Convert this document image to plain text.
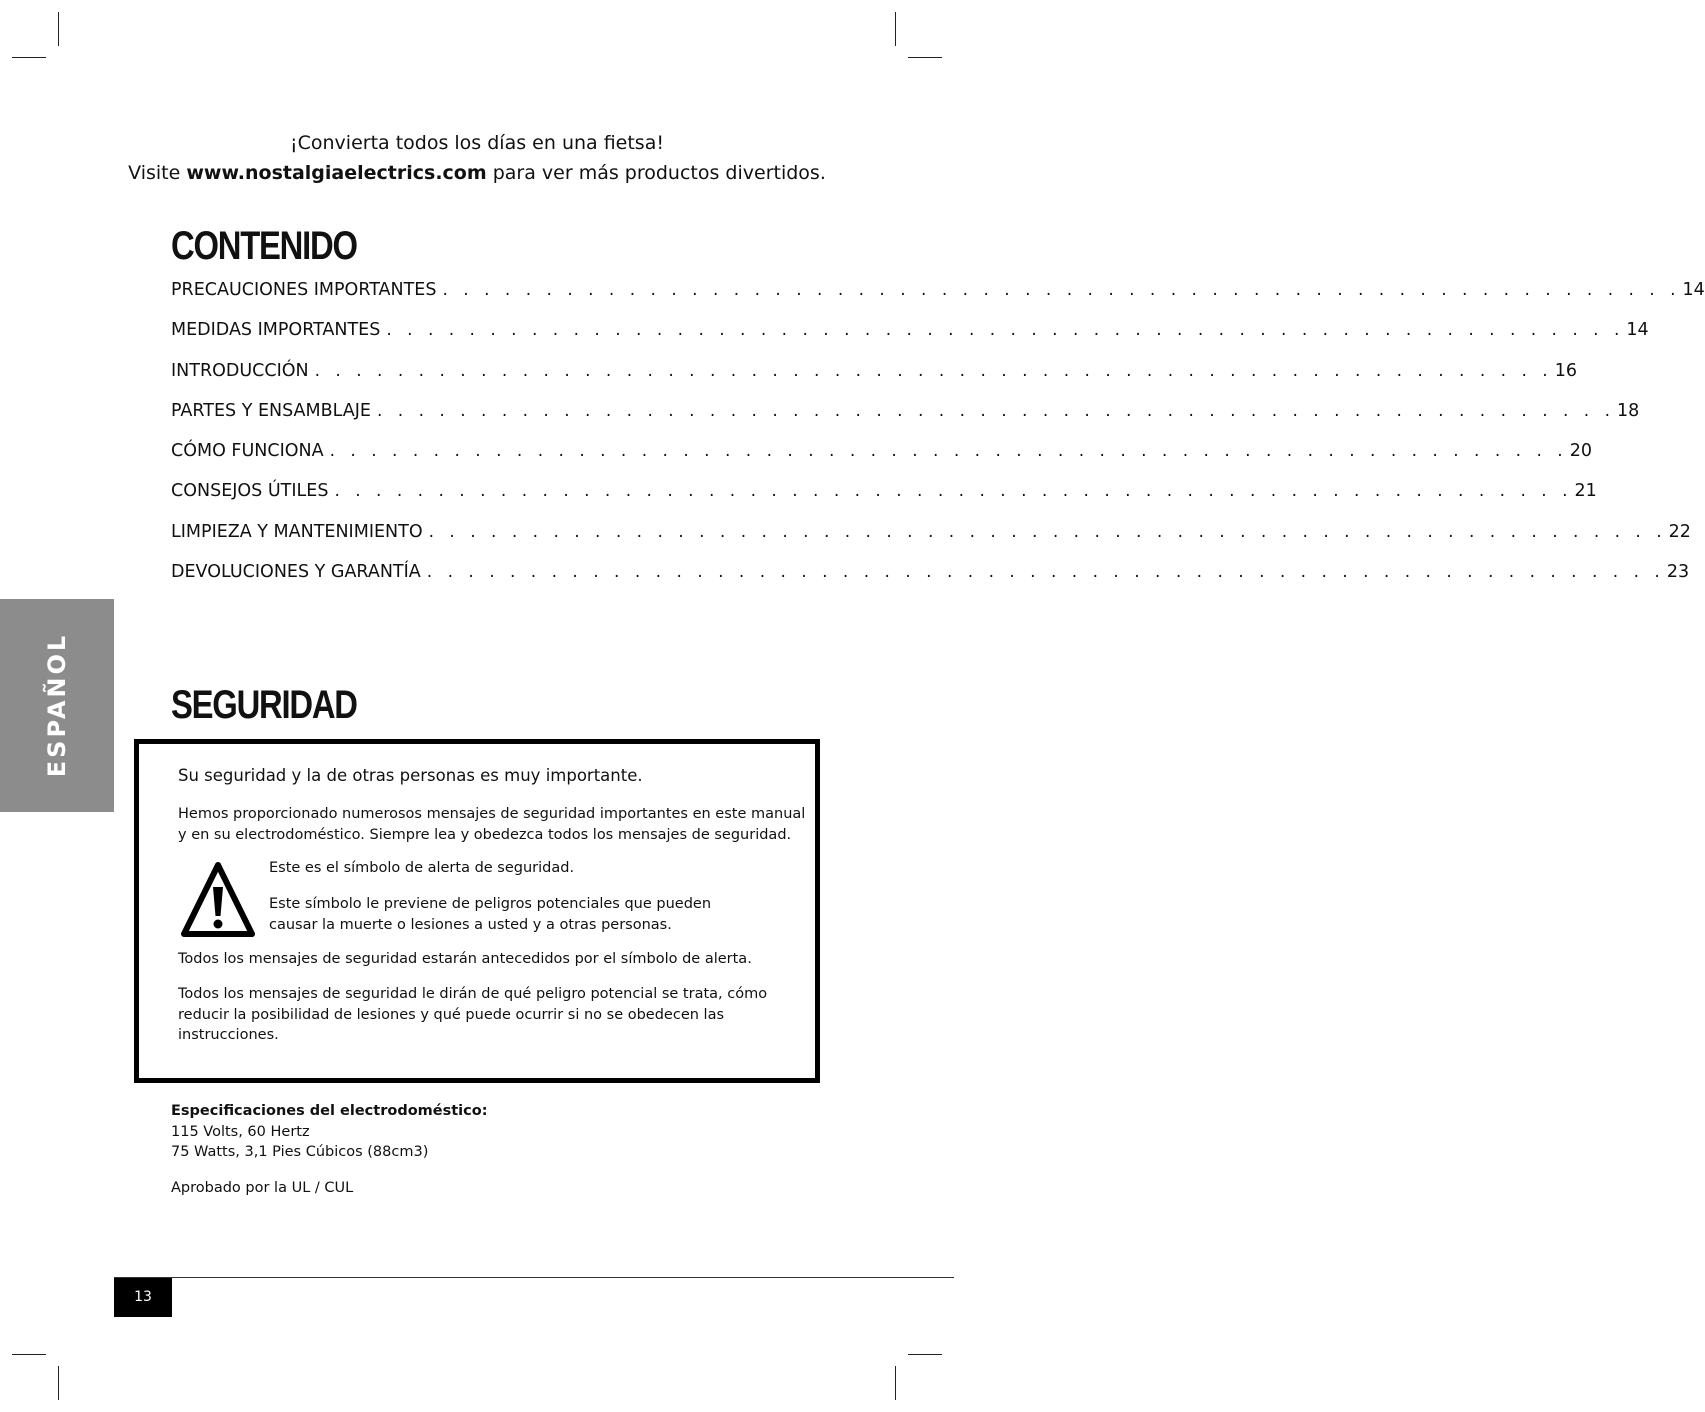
¡Convierta todos los días en una fietsa!
Visite www.nostalgiaelectrics.com para ver más productos divertidos.
CONTENIDO
PRECAUCIONES IMPORTANTES . . . . . . . . . . . . . . . . . . . . . . . . . . . . . . . . . . . . . . . . . . . . . . . . . . . . . . . . . . . . 14
MEDIDAS IMPORTANTES . . . . . . . . . . . . . . . . . . . . . . . . . . . . . . . . . . . . . . . . . . . . . . . . . . . . . . . . . . . . 14
INTRODUCCIÓN . . . . . . . . . . . . . . . . . . . . . . . . . . . . . . . . . . . . . . . . . . . . . . . . . . . . . . . . . . . . 16
PARTES Y ENSAMBLAJE . . . . . . . . . . . . . . . . . . . . . . . . . . . . . . . . . . . . . . . . . . . . . . . . . . . . . . . . . . . . 18
CÓMO FUNCIONA . . . . . . . . . . . . . . . . . . . . . . . . . . . . . . . . . . . . . . . . . . . . . . . . . . . . . . . . . . . . 20
CONSEJOS ÚTILES . . . . . . . . . . . . . . . . . . . . . . . . . . . . . . . . . . . . . . . . . . . . . . . . . . . . . . . . . . . . 21
LIMPIEZA Y MANTENIMIENTO . . . . . . . . . . . . . . . . . . . . . . . . . . . . . . . . . . . . . . . . . . . . . . . . . . . . . . . . . . . . 22
DEVOLUCIONES Y GARANTÍA . . . . . . . . . . . . . . . . . . . . . . . . . . . . . . . . . . . . . . . . . . . . . . . . . . . . . . . . . . . . 23
ESPAÑOL	SEGURIDAD
Su seguridad y la de otras personas es muy importante.
Hemos proporcionado numerosos mensajes de seguridad importantes en este manual y en su electrodoméstico. Siempre lea y obedezca todos los mensajes de seguridad.
Este es el símbolo de alerta de seguridad.
Este símbolo le previene de peligros potenciales que pueden causar la muerte o lesiones a usted y a otras personas.
Todos los mensajes de seguridad estarán antecedidos por el símbolo de alerta.
Todos los mensajes de seguridad le dirán de qué peligro potencial se trata, cómo reducir la posibilidad de lesiones y qué puede ocurrir si no se obedecen las instrucciones.
Especificaciones del electrodoméstico:
115 Volts, 60 Hertz
75 Watts, 3,1 Pies Cúbicos (88cm3)
Aprobado por la UL / CUL
13
